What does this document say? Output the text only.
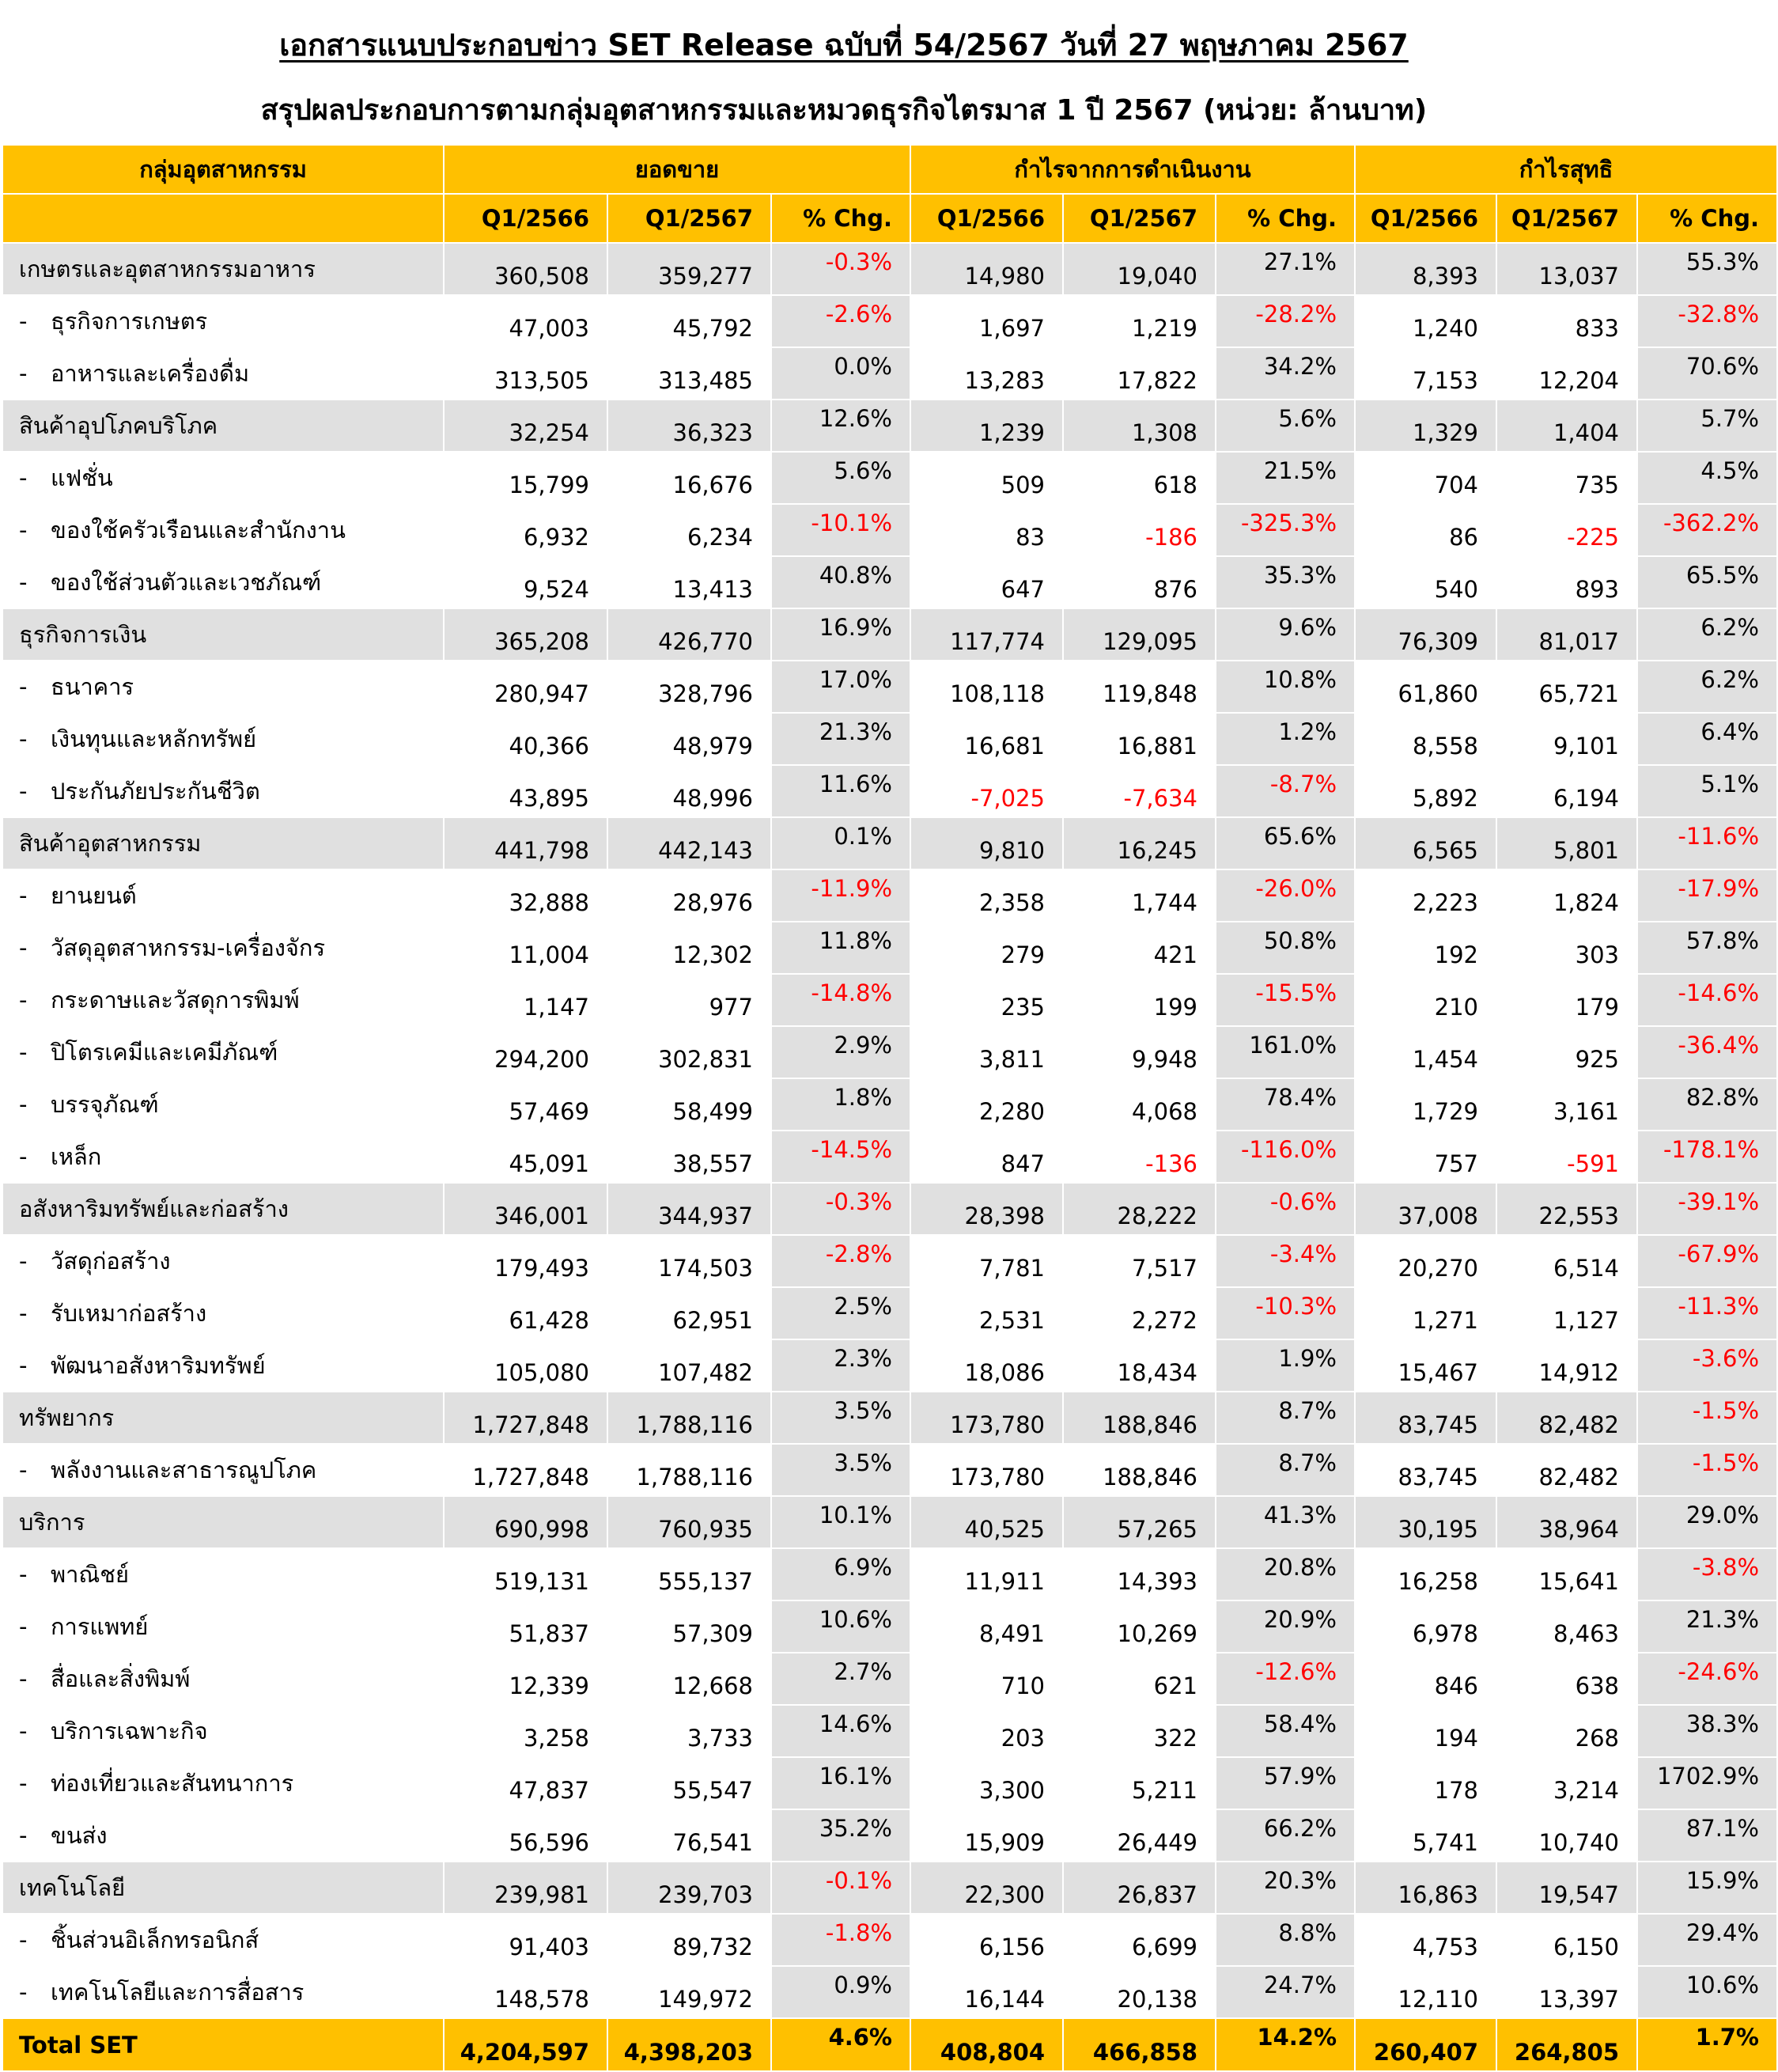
เอกสารแนบประกอบข่าว SET Release ฉบับที่ 54/2567 วันที่ 27 พฤษภาคม 2567
สรุปผลประกอบการตามกลุ่มอุตสาหกรรมและหมวดธุรกิจไตรมาส 1 ปี 2567 (หน่วย: ล้านบาท)
กลุ่มอุตสาหกรรม	ยอดขาย			กำไรจากการดำเนินงาน			กำไรสุทธิ		
	Q1/2566	Q1/2567	% Chg.	Q1/2566	Q1/2567	% Chg.	Q1/2566	Q1/2567	% Chg.
เกษตรและอุตสาหกรรมอาหาร	360,508	359,277	-0.3%	14,980	19,040	27.1%	8,393	13,037	55.3%
- ธุรกิจการเกษตร	47,003	45,792	-2.6%	1,697	1,219	-28.2%	1,240	833	-32.8%
- อาหารและเครื่องดื่ม	313,505	313,485	0.0%	13,283	17,822	34.2%	7,153	12,204	70.6%
สินค้าอุปโภคบริโภค	32,254	36,323	12.6%	1,239	1,308	5.6%	1,329	1,404	5.7%
- แฟชั่น	15,799	16,676	5.6%	509	618	21.5%	704	735	4.5%
- ของใช้ครัวเรือนและสำนักงาน	6,932	6,234	-10.1%	83	-186	-325.3%	86	-225	-362.2%
- ของใช้ส่วนตัวและเวชภัณฑ์	9,524	13,413	40.8%	647	876	35.3%	540	893	65.5%
ธุรกิจการเงิน	365,208	426,770	16.9%	117,774	129,095	9.6%	76,309	81,017	6.2%
- ธนาคาร	280,947	328,796	17.0%	108,118	119,848	10.8%	61,860	65,721	6.2%
- เงินทุนและหลักทรัพย์	40,366	48,979	21.3%	16,681	16,881	1.2%	8,558	9,101	6.4%
- ประกันภัยประกันชีวิต	43,895	48,996	11.6%	-7,025	-7,634	-8.7%	5,892	6,194	5.1%
สินค้าอุตสาหกรรม	441,798	442,143	0.1%	9,810	16,245	65.6%	6,565	5,801	-11.6%
- ยานยนต์	32,888	28,976	-11.9%	2,358	1,744	-26.0%	2,223	1,824	-17.9%
- วัสดุอุตสาหกรรม-เครื่องจักร	11,004	12,302	11.8%	279	421	50.8%	192	303	57.8%
- กระดาษและวัสดุการพิมพ์	1,147	977	-14.8%	235	199	-15.5%	210	179	-14.6%
- ปิโตรเคมีและเคมีภัณฑ์	294,200	302,831	2.9%	3,811	9,948	161.0%	1,454	925	-36.4%
- บรรจุภัณฑ์	57,469	58,499	1.8%	2,280	4,068	78.4%	1,729	3,161	82.8%
- เหล็ก	45,091	38,557	-14.5%	847	-136	-116.0%	757	-591	-178.1%
อสังหาริมทรัพย์และก่อสร้าง	346,001	344,937	-0.3%	28,398	28,222	-0.6%	37,008	22,553	-39.1%
- วัสดุก่อสร้าง	179,493	174,503	-2.8%	7,781	7,517	-3.4%	20,270	6,514	-67.9%
- รับเหมาก่อสร้าง	61,428	62,951	2.5%	2,531	2,272	-10.3%	1,271	1,127	-11.3%
- พัฒนาอสังหาริมทรัพย์	105,080	107,482	2.3%	18,086	18,434	1.9%	15,467	14,912	-3.6%
ทรัพยากร	1,727,848	1,788,116	3.5%	173,780	188,846	8.7%	83,745	82,482	-1.5%
- พลังงานและสาธารณูปโภค	1,727,848	1,788,116	3.5%	173,780	188,846	8.7%	83,745	82,482	-1.5%
บริการ	690,998	760,935	10.1%	40,525	57,265	41.3%	30,195	38,964	29.0%
- พาณิชย์	519,131	555,137	6.9%	11,911	14,393	20.8%	16,258	15,641	-3.8%
- การแพทย์	51,837	57,309	10.6%	8,491	10,269	20.9%	6,978	8,463	21.3%
- สื่อและสิ่งพิมพ์	12,339	12,668	2.7%	710	621	-12.6%	846	638	-24.6%
- บริการเฉพาะกิจ	3,258	3,733	14.6%	203	322	58.4%	194	268	38.3%
- ท่องเที่ยวและสันทนาการ	47,837	55,547	16.1%	3,300	5,211	57.9%	178	3,214	1702.9%
- ขนส่ง	56,596	76,541	35.2%	15,909	26,449	66.2%	5,741	10,740	87.1%
เทคโนโลยี	239,981	239,703	-0.1%	22,300	26,837	20.3%	16,863	19,547	15.9%
- ชิ้นส่วนอิเล็กทรอนิกส์	91,403	89,732	-1.8%	6,156	6,699	8.8%	4,753	6,150	29.4%
- เทคโนโลยีและการสื่อสาร	148,578	149,972	0.9%	16,144	20,138	24.7%	12,110	13,397	10.6%
Total SET	4,204,597	4,398,203	4.6%	408,804	466,858	14.2%	260,407	264,805	1.7%
